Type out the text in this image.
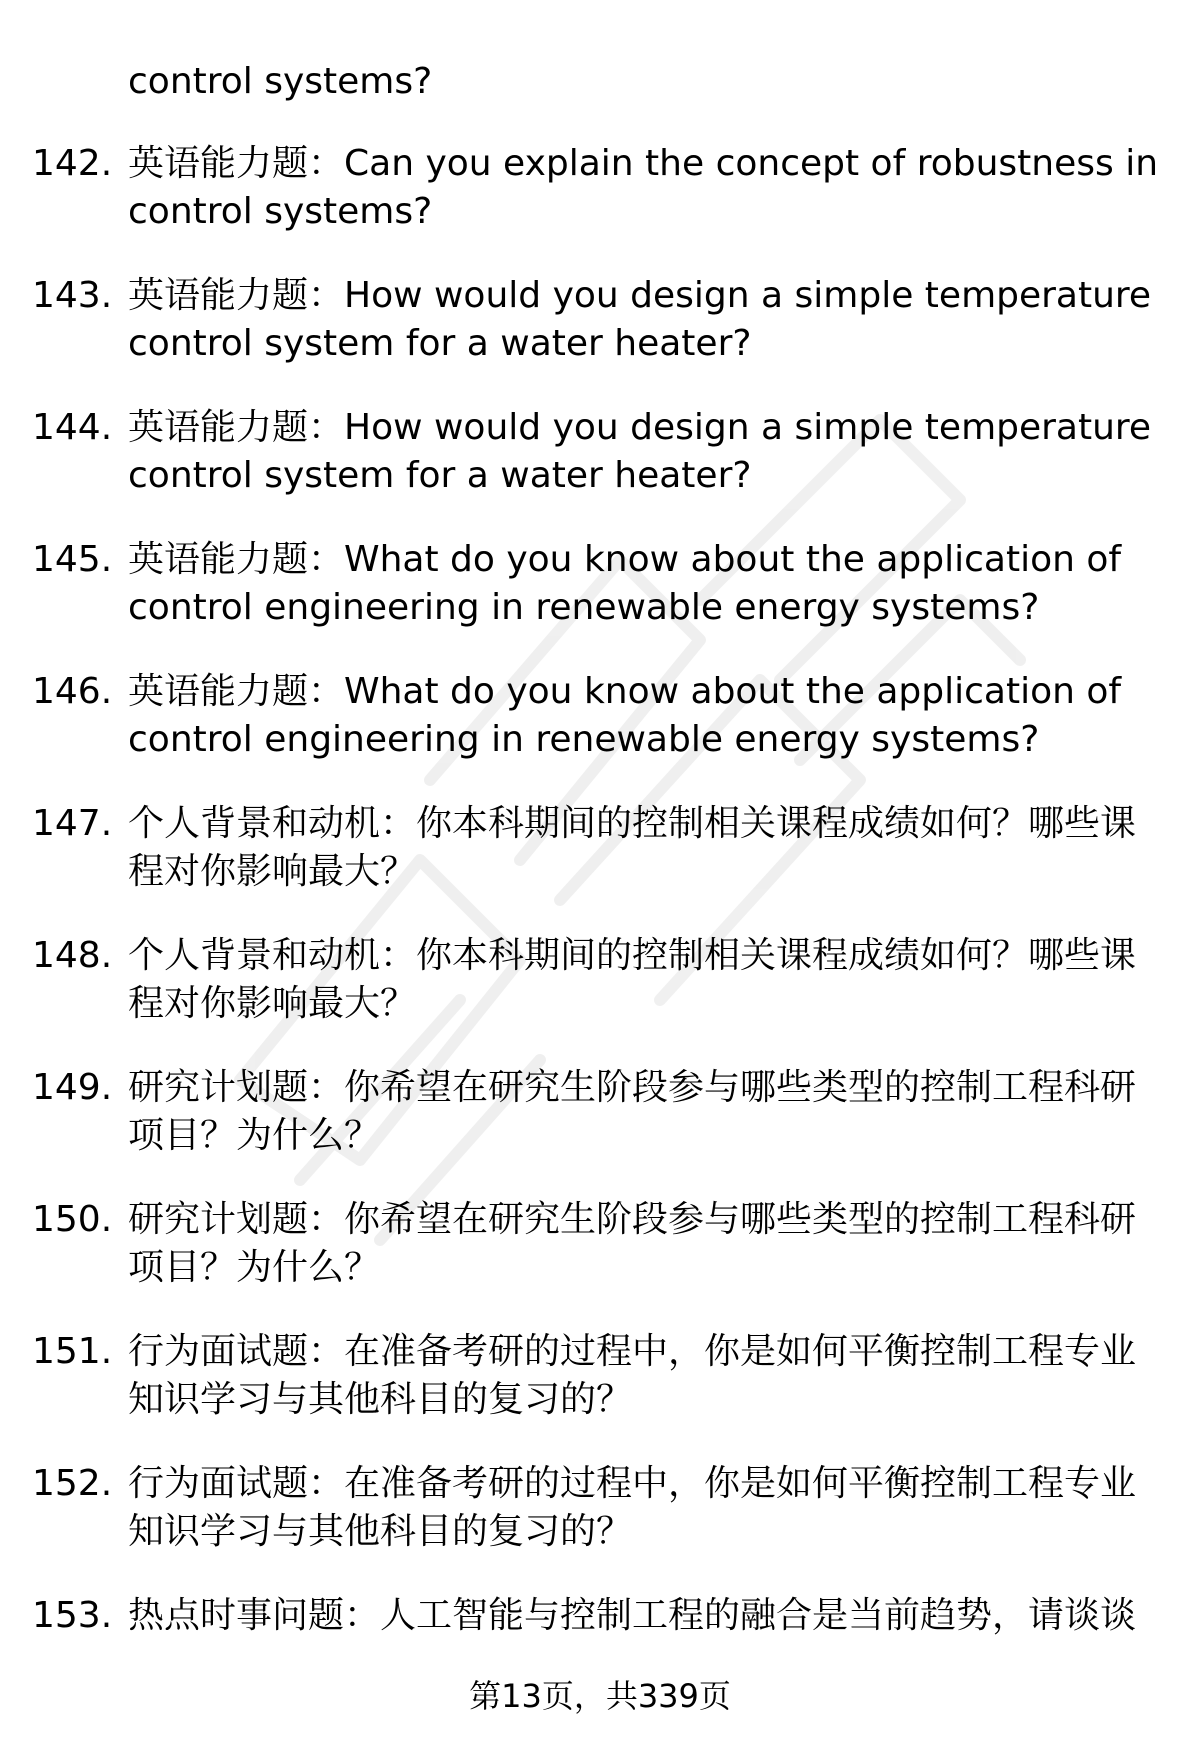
control systems?
142. 英语能力题：Can you explain the concept of robustness in
control systems?
143. 英语能力题：How would you design a simple temperature
control system for a water heater?
144. 英语能力题：How would you design a simple temperature
control system for a water heater?
145. 英语能力题：What do you know about the application of
control engineering in renewable energy systems?
146. 英语能力题：What do you know about the application of
control engineering in renewable energy systems?
147. 个人背景和动机：你本科期间的控制相关课程成绩如何？哪些课
程对你影响最大？
148. 个人背景和动机：你本科期间的控制相关课程成绩如何？哪些课
程对你影响最大？
149. 研究计划题：你希望在研究生阶段参与哪些类型的控制工程科研
项目？为什么？
150. 研究计划题：你希望在研究生阶段参与哪些类型的控制工程科研
项目？为什么？
151. 行为面试题：在准备考研的过程中，你是如何平衡控制工程专业
知识学习与其他科目的复习的？
152. 行为面试题：在准备考研的过程中，你是如何平衡控制工程专业
知识学习与其他科目的复习的？
153. 热点时事问题：人工智能与控制工程的融合是当前趋势，请谈谈
第13页，共339页
